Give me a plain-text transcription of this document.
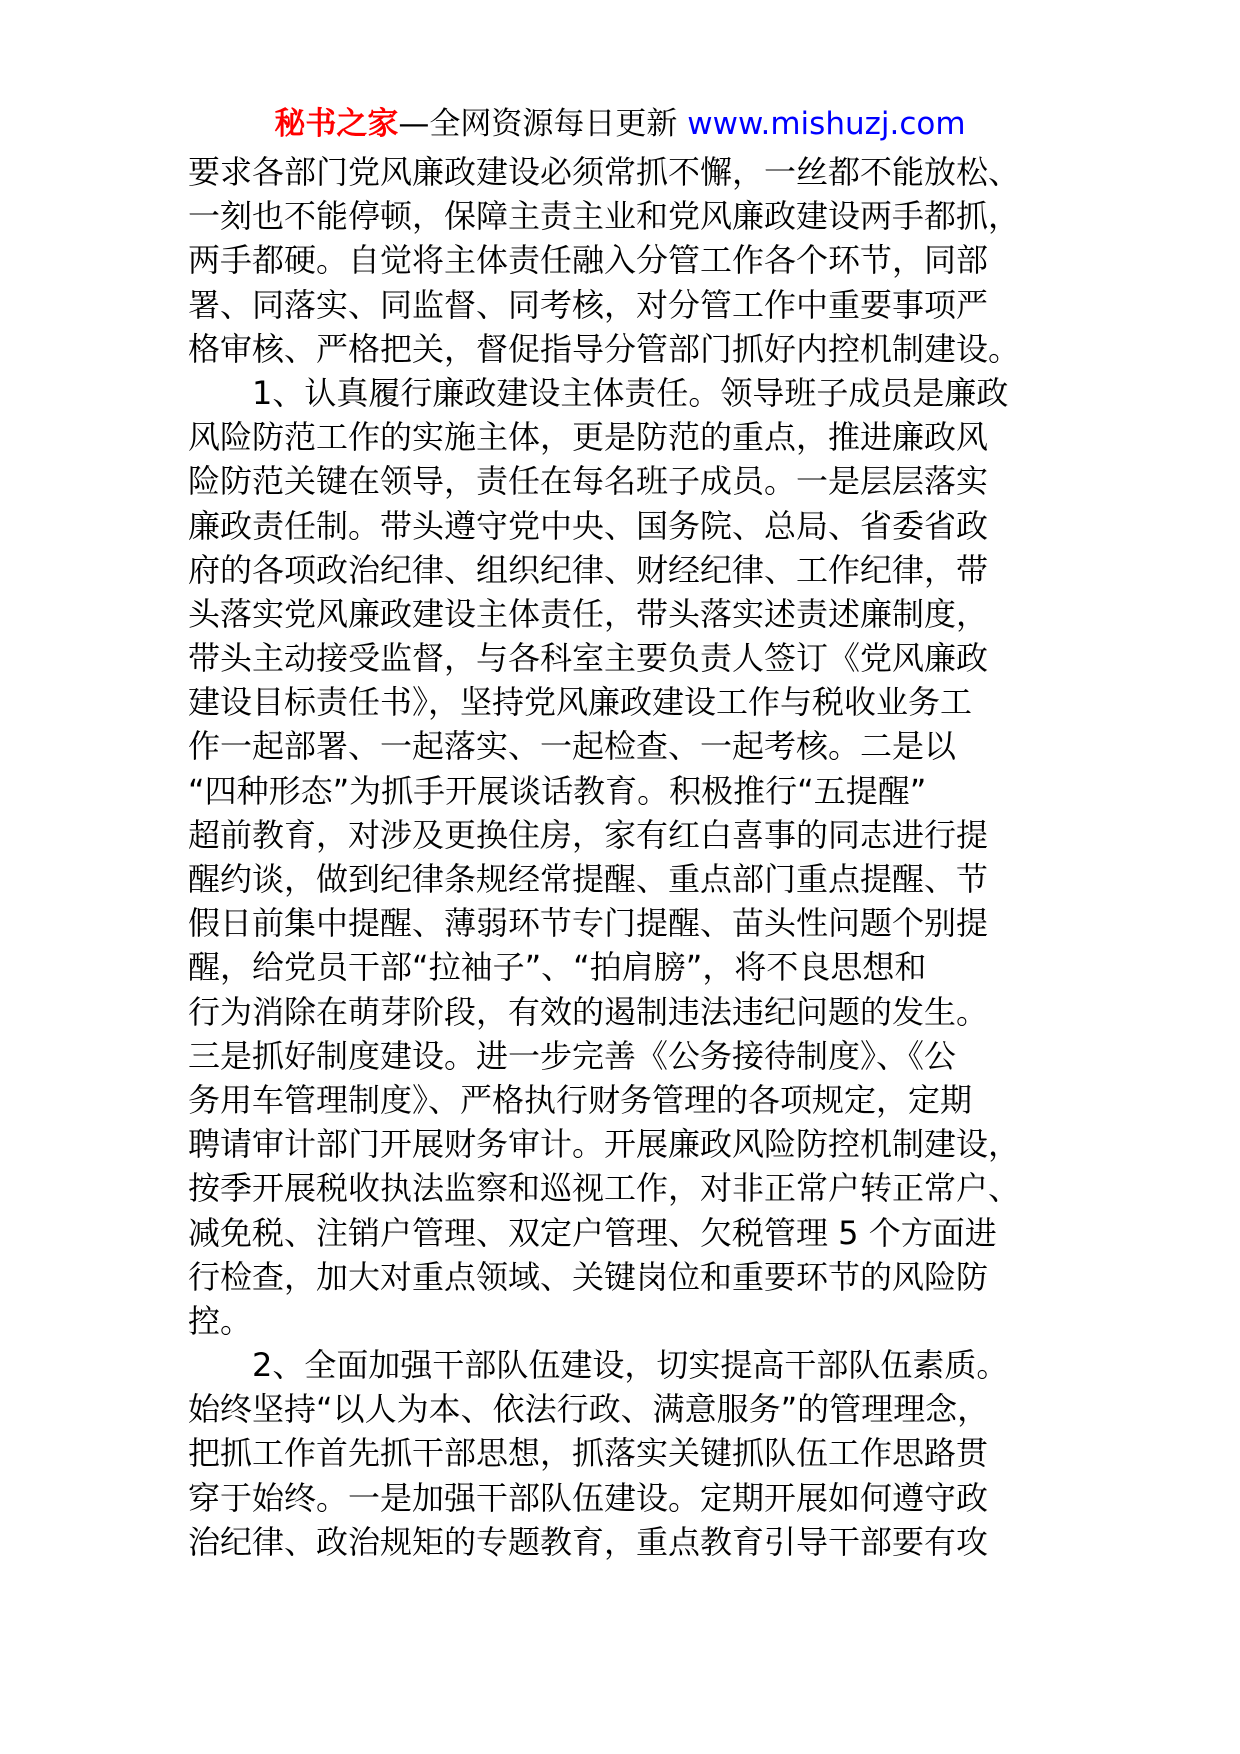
秘书之家—全网资源每日更新 www.mishuzj.com
要求各部门党风廉政建设必须常抓不懈，一丝都不能放松、
一刻也不能停顿，保障主责主业和党风廉政建设两手都抓，
两手都硬。自觉将主体责任融入分管工作各个环节，同部
署、同落实、同监督、同考核，对分管工作中重要事项严
格审核、严格把关，督促指导分管部门抓好内控机制建设。
1、认真履行廉政建设主体责任。领导班子成员是廉政
风险防范工作的实施主体，更是防范的重点，推进廉政风
险防范关键在领导，责任在每名班子成员。一是层层落实
廉政责任制。带头遵守党中央、国务院、总局、省委省政
府的各项政治纪律、组织纪律、财经纪律、工作纪律，带
头落实党风廉政建设主体责任，带头落实述责述廉制度，
带头主动接受监督，与各科室主要负责人签订《党风廉政
建设目标责任书》，坚持党风廉政建设工作与税收业务工
作一起部署、一起落实、一起检查、一起考核。二是以
“四种形态”为抓手开展谈话教育。积极推行“五提醒”
超前教育，对涉及更换住房，家有红白喜事的同志进行提
醒约谈，做到纪律条规经常提醒、重点部门重点提醒、节
假日前集中提醒、薄弱环节专门提醒、苗头性问题个别提
醒，给党员干部“拉袖子”、“拍肩膀”，将不良思想和
行为消除在萌芽阶段，有效的遏制违法违纪问题的发生。
三是抓好制度建设。进一步完善《公务接待制度》、《公
务用车管理制度》、严格执行财务管理的各项规定，定期
聘请审计部门开展财务审计。开展廉政风险防控机制建设，
按季开展税收执法监察和巡视工作，对非正常户转正常户、
减免税、注销户管理、双定户管理、欠税管理 5 个方面进
行检查，加大对重点领域、关键岗位和重要环节的风险防
控。
2、全面加强干部队伍建设，切实提高干部队伍素质。
始终坚持“以人为本、依法行政、满意服务”的管理理念，
把抓工作首先抓干部思想，抓落实关键抓队伍工作思路贯
穿于始终。一是加强干部队伍建设。定期开展如何遵守政
治纪律、政治规矩的专题教育，重点教育引导干部要有攻
